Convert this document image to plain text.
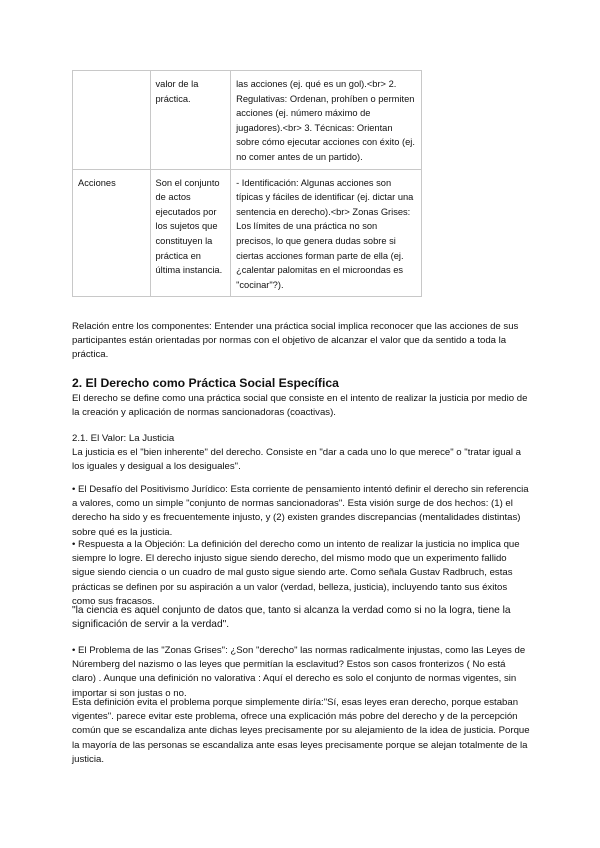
	valor de la práctica.	las acciones (ej. qué es un gol).<br> 2. Regulativas: Ordenan, prohíben o permiten acciones (ej. número máximo de jugadores).<br> 3. Técnicas: Orientan sobre cómo ejecutar acciones con éxito (ej. no comer antes de un partido).
Acciones	Son el conjunto de actos ejecutados por los sujetos que constituyen la práctica en última instancia.	- Identificación: Algunas acciones son típicas y fáciles de identificar (ej. dictar una sentencia en derecho).<br> Zonas Grises: Los límites de una práctica no son precisos, lo que genera dudas sobre si ciertas acciones forman parte de ella (ej. ¿calentar palomitas en el microondas es "cocinar"?).
Relación entre los componentes: Entender una práctica social implica reconocer que las acciones de sus participantes están orientadas por normas con el objetivo de alcanzar el valor que da sentido a toda la práctica.
2. El Derecho como Práctica Social Específica
El derecho se define como una práctica social que consiste en el intento de realizar la justicia por medio de la creación y aplicación de normas sancionadoras (coactivas).
2.1. El Valor: La Justicia
La justicia es el "bien inherente" del derecho. Consiste en "dar a cada uno lo que merece" o "tratar igual a los iguales y desigual a los desiguales".
• El Desafío del Positivismo Jurídico: Esta corriente de pensamiento intentó definir el derecho sin referencia a valores, como un simple "conjunto de normas sancionadoras". Esta visión surge de dos hechos: (1) el derecho ha sido y es frecuentemente injusto, y (2) existen grandes discrepancias (mentalidades distintas) sobre qué es la justicia.
• Respuesta a la Objeción: La definición del derecho como un intento de realizar la justicia no implica que siempre lo logre. El derecho injusto sigue siendo derecho, del mismo modo que un experimento fallido sigue siendo ciencia o un cuadro de mal gusto sigue siendo arte. Como señala Gustav Radbruch, estas prácticas se definen por su aspiración a un valor (verdad, belleza, justicia), incluyendo tanto sus éxitos como sus fracasos.
"la ciencia es aquel conjunto de datos que, tanto si alcanza la verdad como si no la logra, tiene la significación de servir a la verdad".
• El Problema de las "Zonas Grises": ¿Son "derecho" las normas radicalmente injustas, como las Leyes de Núremberg del nazismo o las leyes que permitían la esclavitud? Estos son casos fronterizos ( No está claro) . Aunque una definición no valorativa : Aquí el derecho es solo el conjunto de normas vigentes, sin importar si son justas o no.
Esta definición evita el problema porque simplemente diría:"Sí, esas leyes eran derecho, porque estaban vigentes". parece evitar este problema, ofrece una explicación más pobre del derecho y de la percepción común que se escandaliza ante dichas leyes precisamente por su alejamiento de la idea de justicia. Porque la mayoría de las personas se escandaliza ante esas leyes precisamente porque se alejan totalmente de la justicia.
